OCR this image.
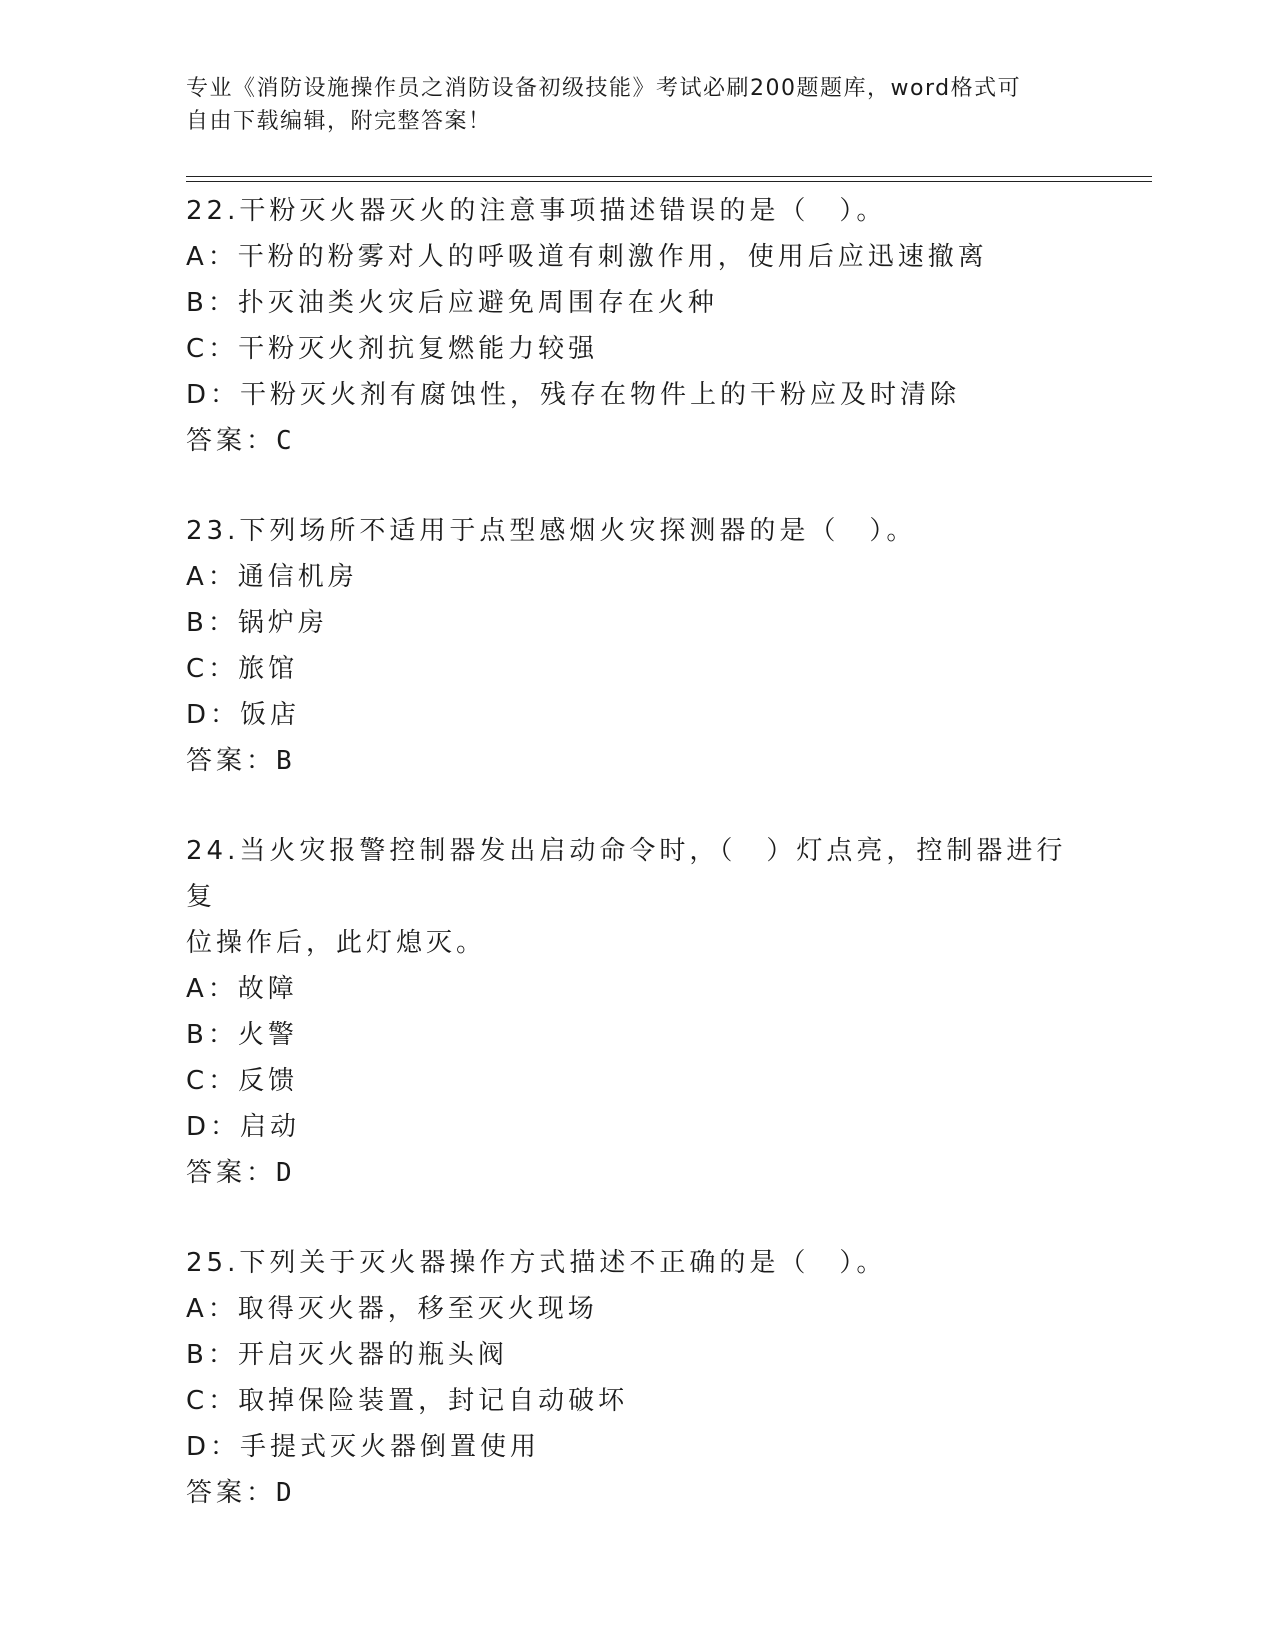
专业《消防设施操作员之消防设备初级技能》考试必刷200题题库，word格式可
自由下载编辑，附完整答案！
22.干粉灭火器灭火的注意事项描述错误的是（　）。
A：干粉的粉雾对人的呼吸道有刺激作用，使用后应迅速撤离
B：扑灭油类火灾后应避免周围存在火种
C：干粉灭火剂抗复燃能力较强
D：干粉灭火剂有腐蚀性，残存在物件上的干粉应及时清除
答案：C
23.下列场所不适用于点型感烟火灾探测器的是（　）。
A：通信机房
B：锅炉房
C：旅馆
D：饭店
答案：B
24.当火灾报警控制器发出启动命令时，（　）灯点亮，控制器进行复
位操作后，此灯熄灭。
A：故障
B：火警
C：反馈
D：启动
答案：D
25.下列关于灭火器操作方式描述不正确的是（　）。
A：取得灭火器，移至灭火现场
B：开启灭火器的瓶头阀
C：取掉保险装置，封记自动破坏
D：手提式灭火器倒置使用
答案：D
